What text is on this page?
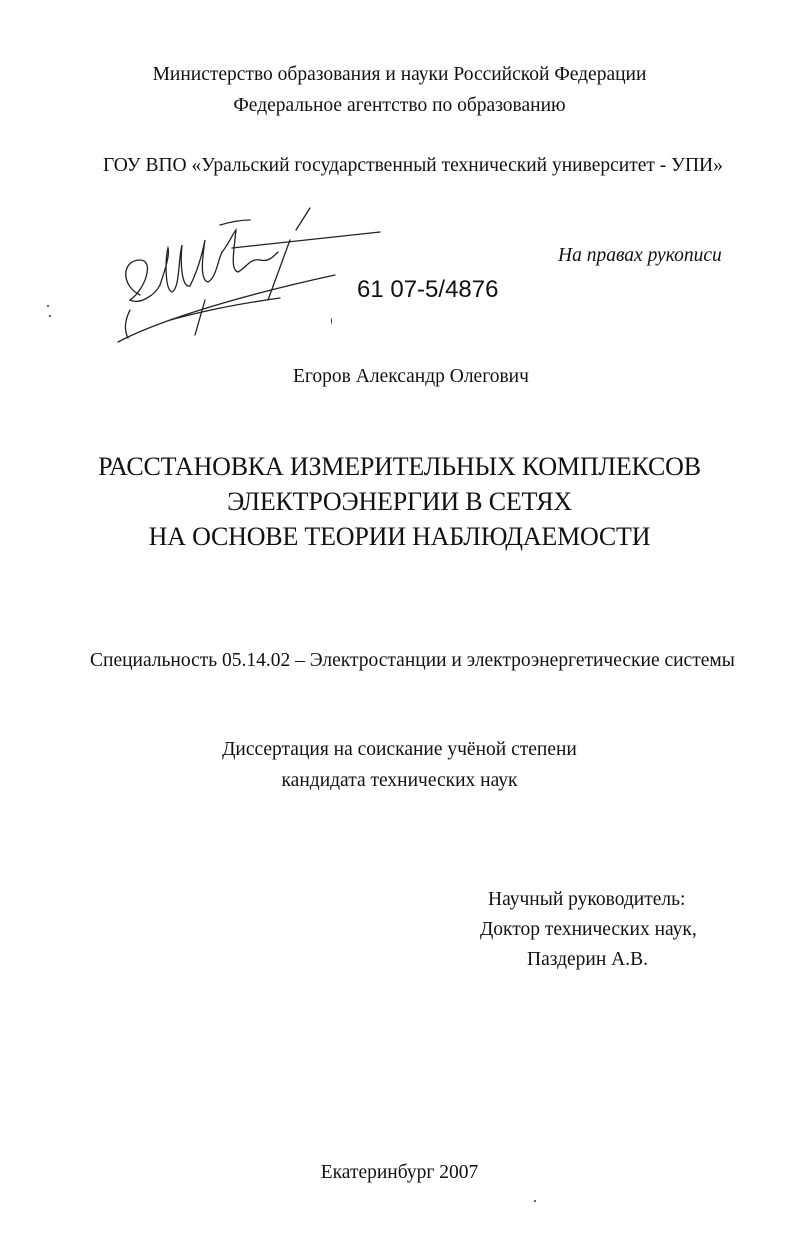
Министерство образования и науки Российской Федерации
Федеральное агентство по образованию
ГОУ ВПО «Уральский государственный технический университет - УПИ»
На правах рукописи
61 07-5/4876
Егоров Александр Олегович
РАССТАНОВКА ИЗМЕРИТЕЛЬНЫХ КОМПЛЕКСОВ
ЭЛЕКТРОЭНЕРГИИ В СЕТЯХ
НА ОСНОВЕ ТЕОРИИ НАБЛЮДАЕМОСТИ
Специальность 05.14.02 – Электростанции и электроэнергетические системы
Диссертация на соискание учёной степени
кандидата технических наук
Научный руководитель:
Доктор технических наук,
Паздерин А.В.
Екатеринбург 2007
